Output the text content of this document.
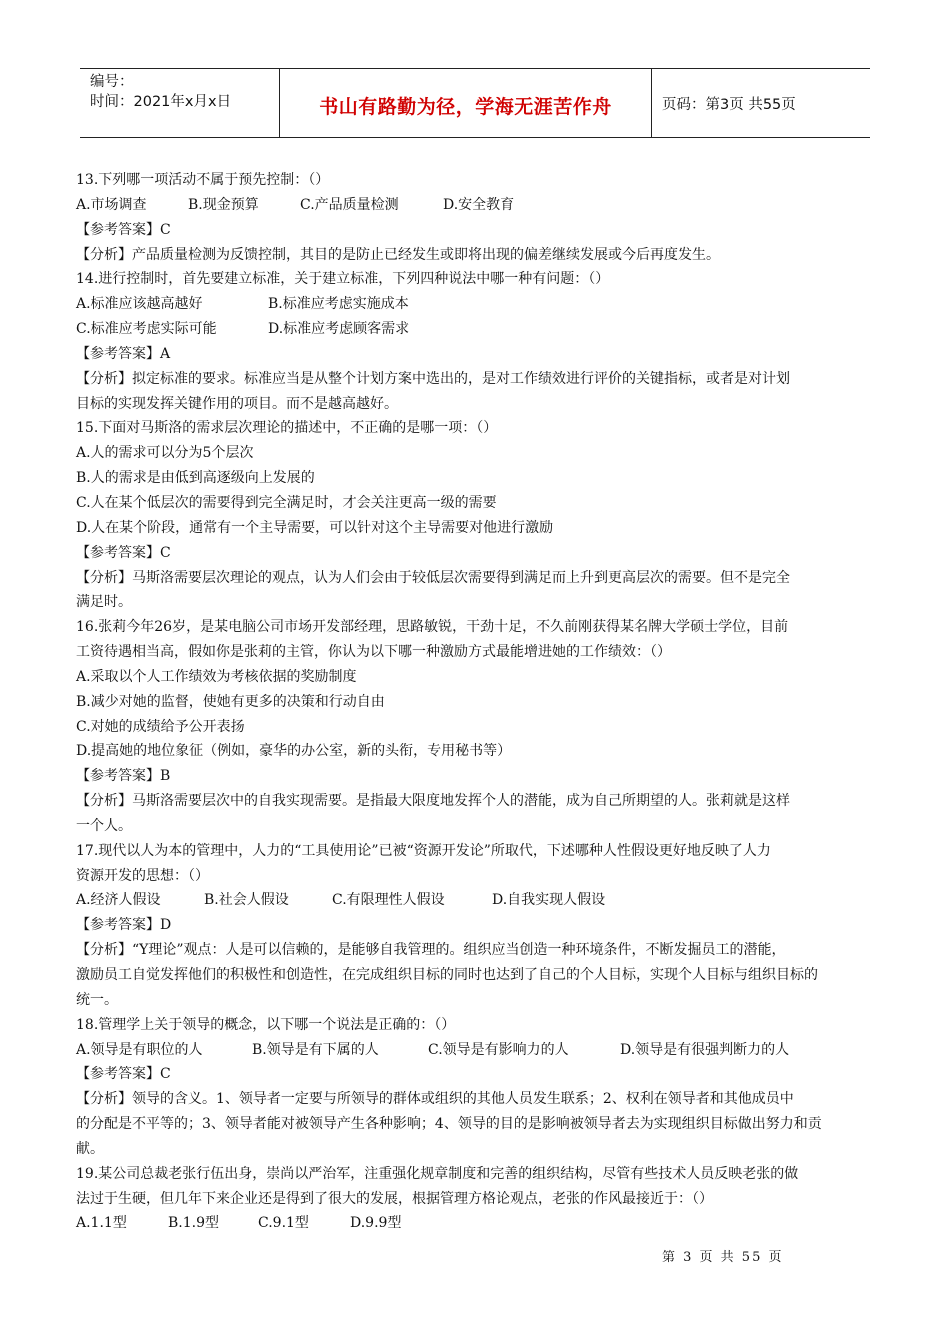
编号：
时间：2021年x月x日	书山有路勤为径，学海无涯苦作舟	页码：第3页 共55页
13.下列哪一项活动不属于预先控制：（）
A.市场调查	B.现金预算	C.产品质量检测	D.安全教育
【参考答案】C
【分析】产品质量检测为反馈控制，其目的是防止已经发生或即将出现的偏差继续发展或今后再度发生。
14.进行控制时，首先要建立标准，关于建立标准，下列四种说法中哪一种有问题：（）
A.标准应该越高越好	B.标准应考虑实施成本
C.标准应考虑实际可能	D.标准应考虑顾客需求
【参考答案】A
【分析】拟定标准的要求。标准应当是从整个计划方案中选出的，是对工作绩效进行评价的关键指标，或者是对计划
目标的实现发挥关键作用的项目。而不是越高越好。
15.下面对马斯洛的需求层次理论的描述中，不正确的是哪一项：（）
A.人的需求可以分为5个层次
B.人的需求是由低到高逐级向上发展的
C.人在某个低层次的需要得到完全满足时，才会关注更高一级的需要
D.人在某个阶段，通常有一个主导需要，可以针对这个主导需要对他进行激励
【参考答案】C
【分析】马斯洛需要层次理论的观点，认为人们会由于较低层次需要得到满足而上升到更高层次的需要。但不是完全
满足时。
16.张莉今年26岁，是某电脑公司市场开发部经理，思路敏锐，干劲十足，不久前刚获得某名牌大学硕士学位，目前
工资待遇相当高，假如你是张莉的主管，你认为以下哪一种激励方式最能增进她的工作绩效：（）
A.采取以个人工作绩效为考核依据的奖励制度
B.减少对她的监督，使她有更多的决策和行动自由
C.对她的成绩给予公开表扬
D.提高她的地位象征（例如，豪华的办公室，新的头衔，专用秘书等）
【参考答案】B
【分析】马斯洛需要层次中的自我实现需要。是指最大限度地发挥个人的潜能，成为自己所期望的人。张莉就是这样
一个人。
17.现代以人为本的管理中，人力的“工具使用论”已被“资源开发论”所取代，下述哪种人性假设更好地反映了人力
资源开发的思想：（）
A.经济人假设	B.社会人假设	C.有限理性人假设	D.自我实现人假设
【参考答案】D
【分析】“Y理论”观点：人是可以信赖的，是能够自我管理的。组织应当创造一种环境条件，不断发掘员工的潜能，
激励员工自觉发挥他们的积极性和创造性，在完成组织目标的同时也达到了自己的个人目标，实现个人目标与组织目标的
统一。
18.管理学上关于领导的概念，以下哪一个说法是正确的：（）
A.领导是有职位的人	B.领导是有下属的人	C.领导是有影响力的人	D.领导是有很强判断力的人
【参考答案】C
【分析】领导的含义。1、领导者一定要与所领导的群体或组织的其他人员发生联系；2、权利在领导者和其他成员中
的分配是不平等的；3、领导者能对被领导产生各种影响；4、领导的目的是影响被领导者去为实现组织目标做出努力和贡
献。
19.某公司总裁老张行伍出身，崇尚以严治军，注重强化规章制度和完善的组织结构，尽管有些技术人员反映老张的做
法过于生硬，但几年下来企业还是得到了很大的发展，根据管理方格论观点，老张的作风最接近于：（）
A.1.1型	B.1.9型	C.9.1型	D.9.9型
第 3 页 共 55 页
